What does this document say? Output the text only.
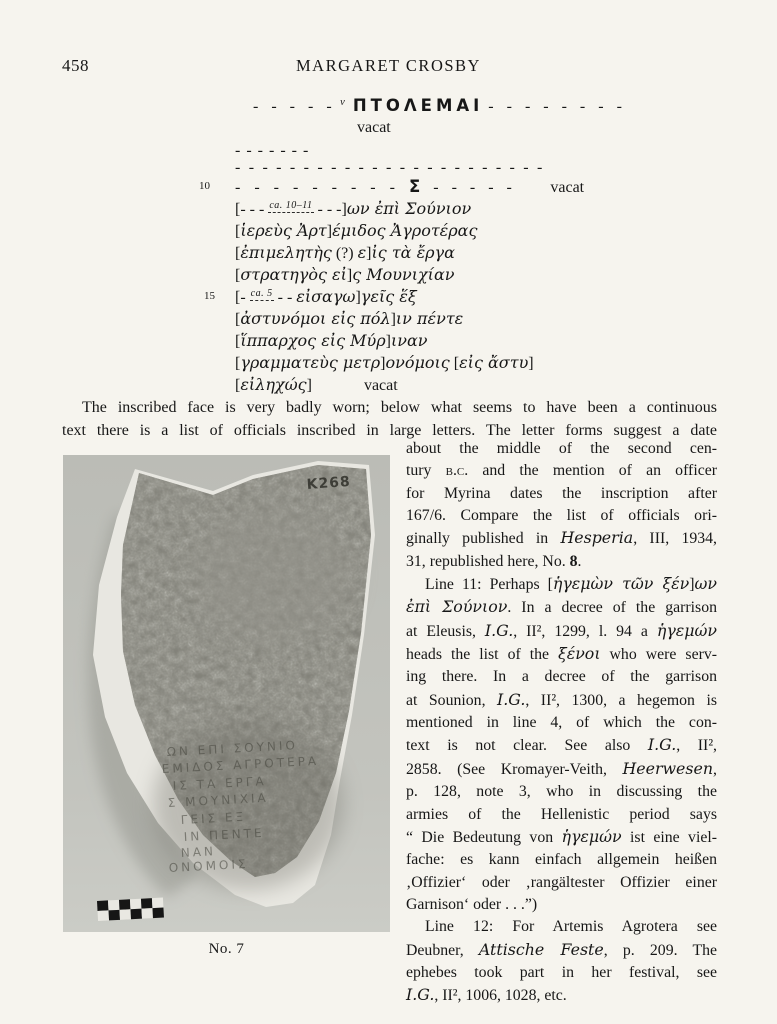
458	MARGARET CROSBY
10
15
- - - - - $^v$ ΠΤΟΛΕΜΑΙ - - - - - - - -
vacat
- - - - - - -
- - - - - - - - - - - - - - - - - - - - - - -
- - - - - - - - - Σ - - - - - vacat
[- - - $^{ca. 10-11}$ - - -]ων ἐπὶ Σούνιον
[ἱερεὺς Ἀρτ]έμιδος Ἀγροτέρας
[ἐπιμελητὴς (?) ε]ἰς τὰ ἔργα
[στρατηγὸς εἰ]ς Μουνιχίαν
[- $^{ca. 5}$ - - εἰσαγω]γεῖς ἕξ
[ἀστυνόμοι εἰς πόλ]ιν πέντε
[ἵππαρχος εἰς Μύρ]ιναν
[γραμματεὺς μετρ]ονόμοις [εἰς ἄστυ]
[εἰληχώς]	vacat
The inscribed face is very badly worn; below what seems to have been a continuous
text there is a list of officials inscribed in large letters. The letter forms suggest a date
K268
ΩΝ ΕΠΙ ΣΟΥΝΙΟ
ΕΜΙΔΟΣ ΑΓΡΟΤΕΡΑ
ΙΣ ΤΑ ΕΡΓΑ
Σ ΜΟΥΝΙΧΙΑ
ΓΕΙΣ ΕΞ
ΙΝ ΠΕΝΤΕ
ΝΑΝ
ΟΝΟΜΟΙΣ
No. 7
about the middle of the second cen-
tury b.c. and the mention of an officer
for Myrina dates the inscription after
167/6. Compare the list of officials ori-
ginally published in Hesperia, III, 1934,
31, republished here, No. 8.
Line 11: Perhaps [ἡγεμὼν τῶν ξέν]ων
ἐπὶ Σούνιον. In a decree of the garrison
at Eleusis, I.G., II², 1299, l. 94 a ἡγεμών
heads the list of the ξένοι who were serv-
ing there. In a decree of the garrison
at Sounion, I.G., II², 1300, a hegemon is
mentioned in line 4, of which the con-
text is not clear. See also I.G., II²,
2858. (See Kromayer-Veith, Heerwesen,
p. 128, note 3, who in discussing the
armies of the Hellenistic period says
“ Die Bedeutung von ἡγεμών ist eine viel-
fache: es kann einfach allgemein heißen
‚Offizier‘ oder ‚rangältester Offizier einer
Garnison‘ oder . . .”)
Line 12: For Artemis Agrotera see
Deubner, Attische Feste, p. 209. The
ephebes took part in her festival, see
I.G., II², 1006, 1028, etc.
